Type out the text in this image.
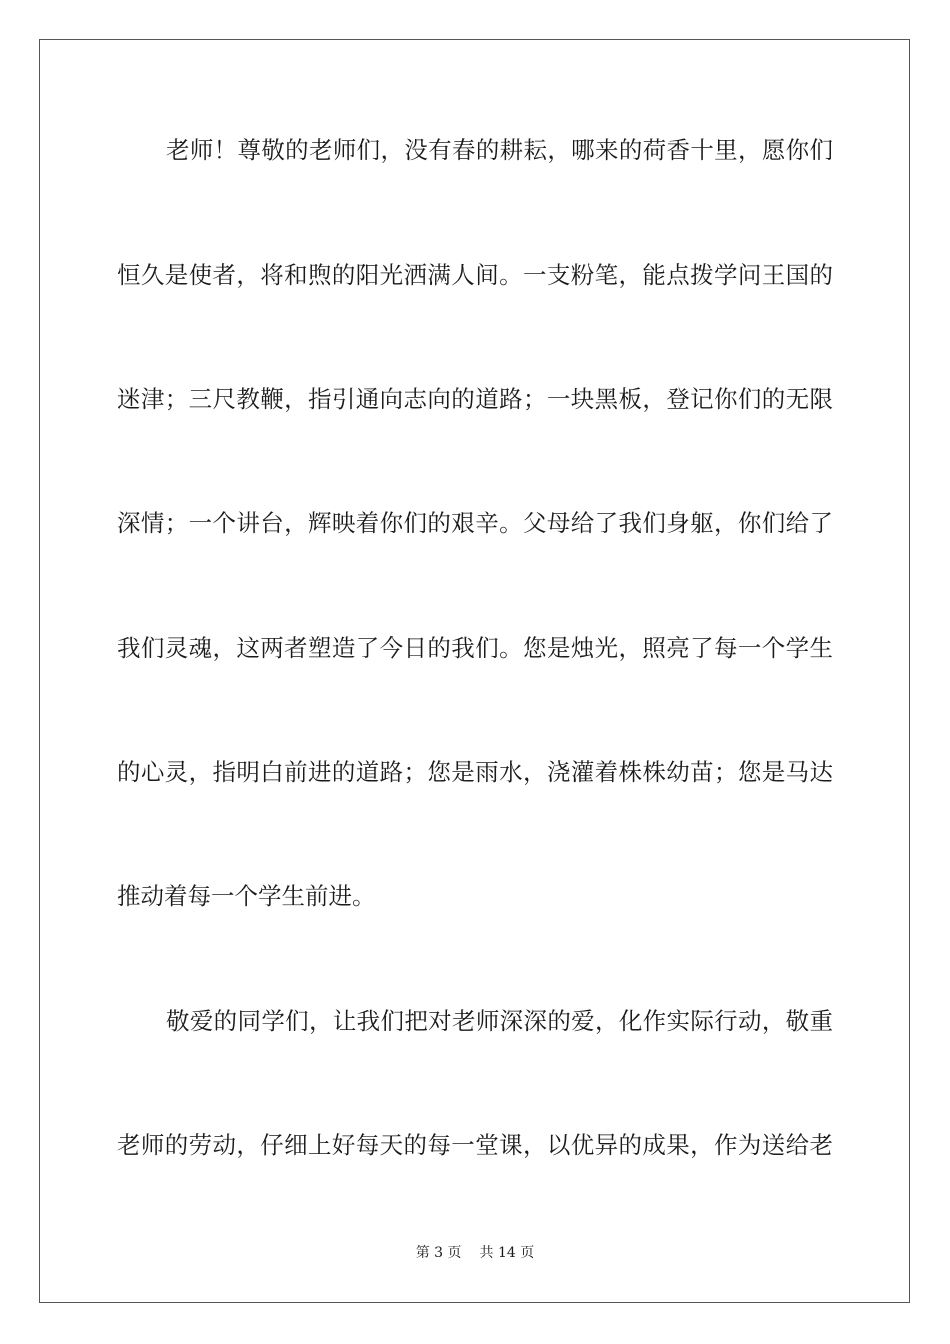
老师！尊敬的老师们，没有春的耕耘，哪来的荷香十里，愿你们
恒久是使者，将和煦的阳光洒满人间。一支粉笔，能点拨学问王国的
迷津；三尺教鞭，指引通向志向的道路；一块黑板，登记你们的无限
深情；一个讲台，辉映着你们的艰辛。父母给了我们身躯，你们给了
我们灵魂，这两者塑造了今日的我们。您是烛光，照亮了每一个学生
的心灵，指明白前进的道路；您是雨水，浇灌着株株幼苗；您是马达
推动着每一个学生前进。
敬爱的同学们，让我们把对老师深深的爱，化作实际行动，敬重
老师的劳动，仔细上好每天的每一堂课，以优异的成果，作为送给老
第 3 页 共 14 页
